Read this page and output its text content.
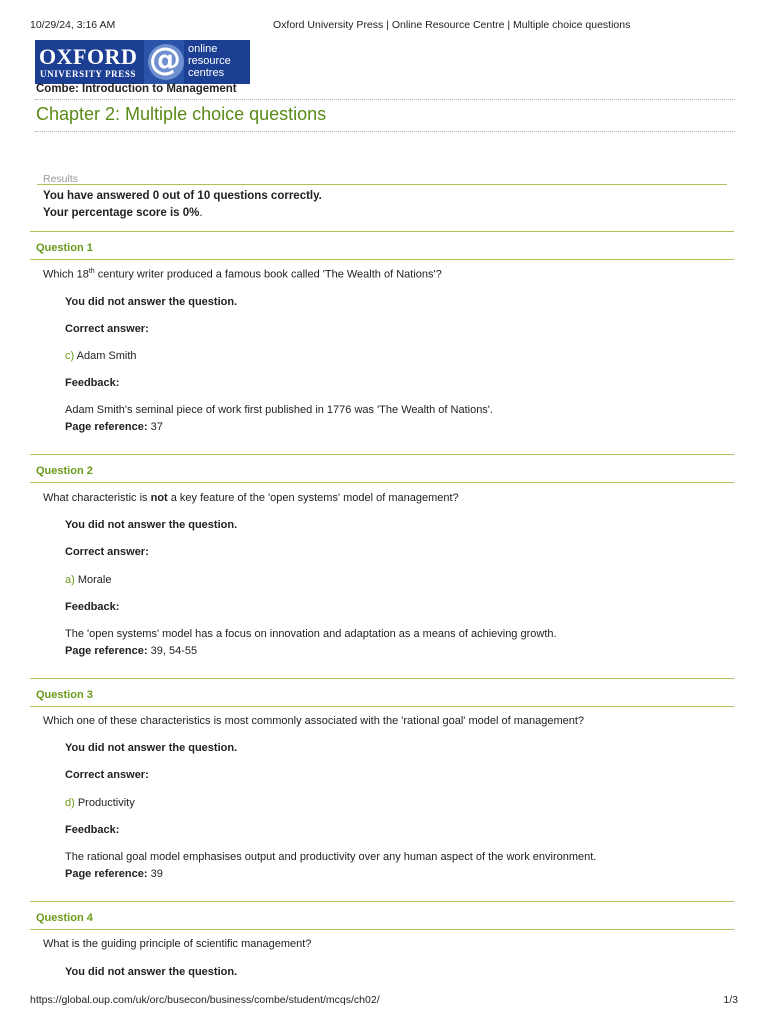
10/29/24, 3:16 AM	Oxford University Press | Online Resource Centre | Multiple choice questions
OXFORD
UNIVERSITY PRESS @ online
resource
centres
Combe: Introduction to Management
Chapter 2: Multiple choice questions
Results
You have answered 0 out of 10 questions correctly.
Your percentage score is 0%.
Question 1
Which 18th century writer produced a famous book called 'The Wealth of Nations'?
You did not answer the question.
Correct answer:
c) Adam Smith
Feedback:
Adam Smith's seminal piece of work first published in 1776 was 'The Wealth of Nations'.
Page reference: 37
Question 2
What characteristic is not a key feature of the 'open systems' model of management?
You did not answer the question.
Correct answer:
a) Morale
Feedback:
The 'open systems' model has a focus on innovation and adaptation as a means of achieving growth.
Page reference: 39, 54-55
Question 3
Which one of these characteristics is most commonly associated with the 'rational goal' model of management?
You did not answer the question.
Correct answer:
d) Productivity
Feedback:
The rational goal model emphasises output and productivity over any human aspect of the work environment.
Page reference: 39
Question 4
What is the guiding principle of scientific management?
You did not answer the question.
https://global.oup.com/uk/orc/busecon/business/combe/student/mcqs/ch02/	1/3
